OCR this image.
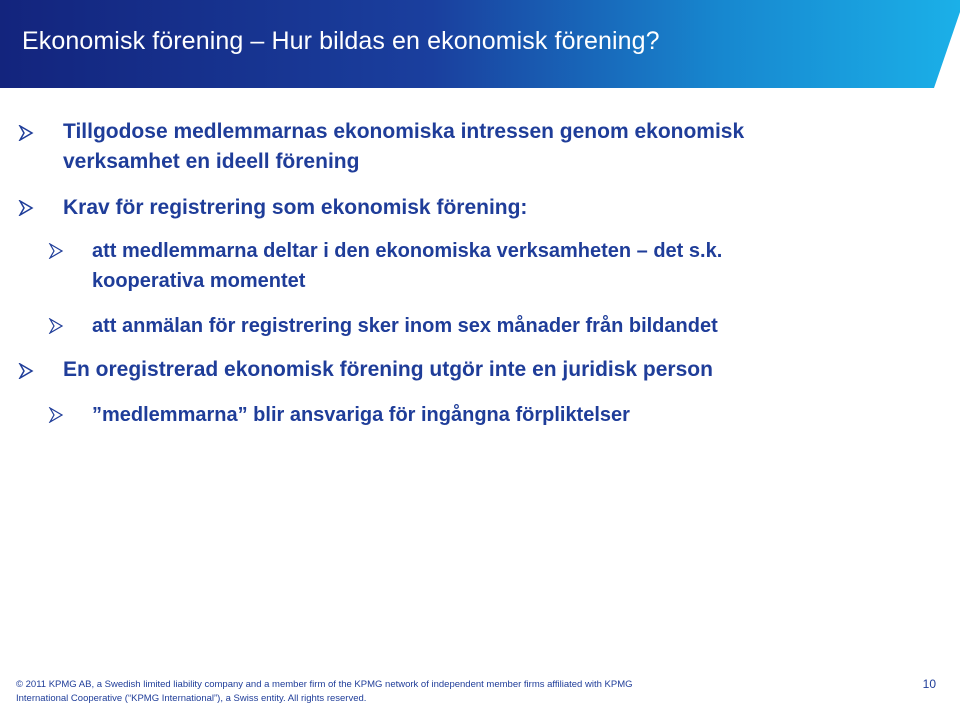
Ekonomisk förening – Hur bildas en ekonomisk förening?
Tillgodose medlemmarnas ekonomiska intressen genom ekonomisk
verksamhet en ideell förening
Krav för registrering som ekonomisk förening:
att medlemmarna deltar i den ekonomiska verksamheten – det s.k.
kooperativa momentet
att anmälan för registrering sker inom sex månader från bildandet
En oregistrerad ekonomisk förening utgör inte en juridisk person
”medlemmarna” blir ansvariga för ingångna förpliktelser
© 2011 KPMG AB, a Swedish limited liability company and a member firm of the KPMG network of independent member firms affiliated with KPMG
International Cooperative (“KPMG International”), a Swiss entity. All rights reserved.
10
